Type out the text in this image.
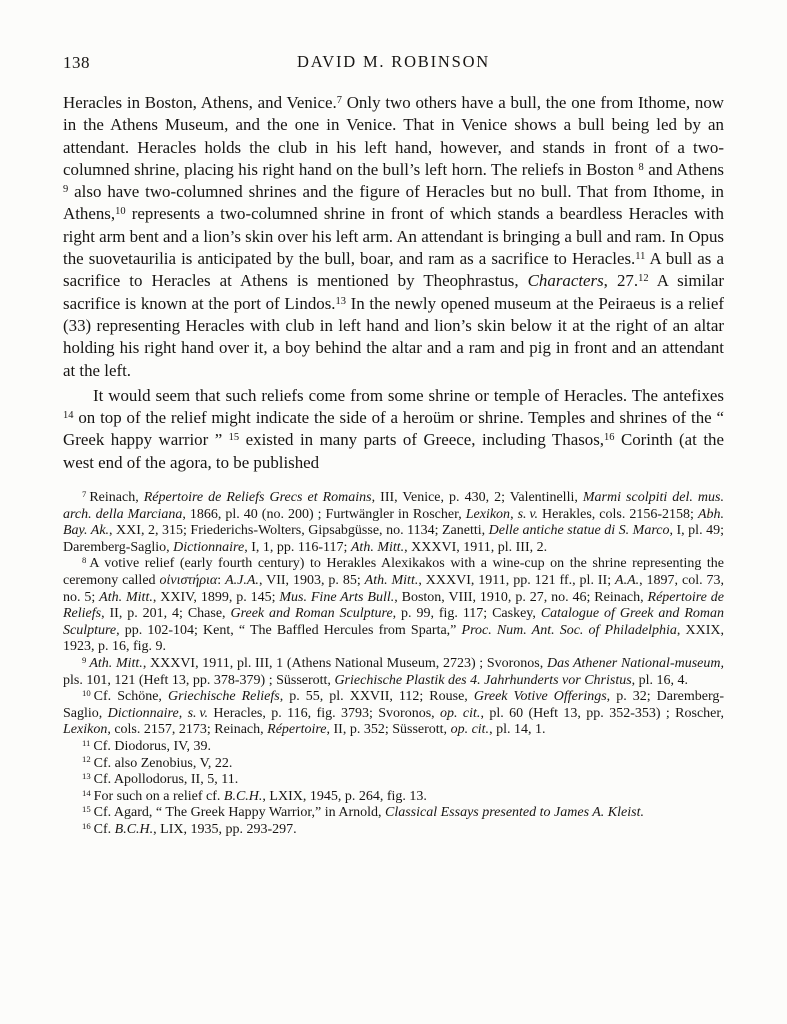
138	DAVID M. ROBINSON

Heracles in Boston, Athens, and Venice.$^7$ Only two others have a bull, the one from Ithome, now in the Athens Museum, and the one in Venice. That in Venice shows a bull being led by an attendant. Heracles holds the club in his left hand, however, and stands in front of a two-columned shrine, placing his right hand on the bull’s left horn. The reliefs in Boston $^8$ and Athens $^9$ also have two-columned shrines and the figure of Heracles but no bull. That from Ithome, in Athens,$^{10}$ represents a two-columned shrine in front of which stands a beardless Heracles with right arm bent and a lion’s skin over his left arm. An attendant is bringing a bull and ram. In Opus the suovetaurilia is anticipated by the bull, boar, and ram as a sacrifice to Heracles.$^{11}$ A bull as a sacrifice to Heracles at Athens is mentioned by Theophrastus, Characters, 27.12 A similar sacrifice is known at the port of Lindos.$^{13}$ In the newly opened museum at the Peiraeus is a relief (33) representing Heracles with club in left hand and lion’s skin below it at the right of an altar holding his right hand over it, a boy behind the altar and a ram and pig in front and an attendant at the left.

It would seem that such reliefs come from some shrine or temple of Heracles. The antefixes $^{14}$ on top of the relief might indicate the side of a heroüm or shrine. Temples and shrines of the “ Greek happy warrior ” $^{15}$ existed in many parts of Greece, including Thasos,$^{16}$ Corinth (at the west end of the agora, to be published

$^7$ Reinach, Répertoire de Reliefs Grecs et Romains, III, Venice, p. 430, 2; Valentinelli, Marmi scolpiti del. mus. arch. della Marciana, 1866, pl. 40 (no. 200) ; Furtwängler in Roscher, Lexikon, s. v. Herakles, cols. 2156-2158; Abh. Bay. Ak., XXI, 2, 315; Friederichs-Wolters, Gipsabgüsse, no. 1134; Zanetti, Delle antiche statue di S. Marco, I, pl. 49; Daremberg-Saglio, Dictionnaire, I, 1, pp. 116-117; Ath. Mitt., XXXVI, 1911, pl. III, 2.

$^8$ A votive relief (early fourth century) to Herakles Alexikakos with a wine-cup on the shrine representing the ceremony called οἰνιστήρια: A.J.A., VII, 1903, p. 85; Ath. Mitt., XXXVI, 1911, pp. 121 ff., pl. II; A.A., 1897, col. 73, no. 5; Ath. Mitt., XXIV, 1899, p. 145; Mus. Fine Arts Bull., Boston, VIII, 1910, p. 27, no. 46; Reinach, Répertoire de Reliefs, II, p. 201, 4; Chase, Greek and Roman Sculpture, p. 99, fig. 117; Caskey, Catalogue of Greek and Roman Sculpture, pp. 102-104; Kent, “ The Baffled Hercules from Sparta,” Proc. Num. Ant. Soc. of Philadelphia, XXIX, 1923, p. 16, fig. 9.

$^9$ Ath. Mitt., XXXVI, 1911, pl. III, 1 (Athens National Museum, 2723) ; Svoronos, Das Athener National-museum, pls. 101, 121 (Heft 13, pp. 378-379) ; Süsserott, Griechische Plastik des 4. Jahrhunderts vor Christus, pl. 16, 4.

$^{10}$ Cf. Schöne, Griechische Reliefs, p. 55, pl. XXVII, 112; Rouse, Greek Votive Offerings, p. 32; Daremberg-Saglio, Dictionnaire, s. v. Heracles, p. 116, fig. 3793; Svoronos, op. cit., pl. 60 (Heft 13, pp. 352-353) ; Roscher, Lexikon, cols. 2157, 2173; Reinach, Répertoire, II, p. 352; Süsserott, op. cit., pl. 14, 1.

$^{11}$ Cf. Diodorus, IV, 39.

$^{12}$ Cf. also Zenobius, V, 22.

$^{13}$ Cf. Apollodorus, II, 5, 11.

$^{14}$ For such on a relief cf. B.C.H., LXIX, 1945, p. 264, fig. 13.

$^{15}$ Cf. Agard, “ The Greek Happy Warrior,” in Arnold, Classical Essays presented to James A. Kleist.

$^{16}$ Cf. B.C.H., LIX, 1935, pp. 293-297.
